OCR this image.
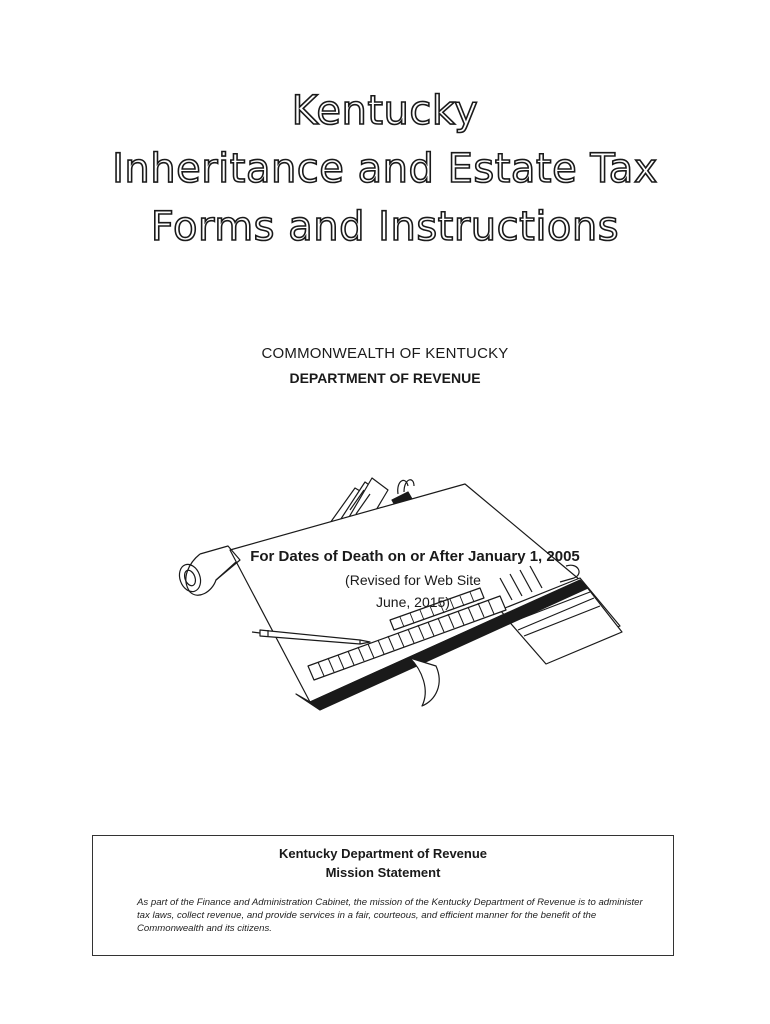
Kentucky
Inheritance and Estate Tax
Forms and Instructions
COMMONWEALTH OF KENTUCKY
DEPARTMENT OF REVENUE
For Dates of Death on or After January 1, 2005
(Revised for Web Site
June, 2015)
Kentucky Department of Revenue
Mission Statement
As part of the Finance and Administration Cabinet, the mission of the Kentucky Department of Revenue is to administer tax laws, collect revenue, and provide services in a fair, courteous, and efficient manner for the benefit of the Commonwealth and its citizens.
